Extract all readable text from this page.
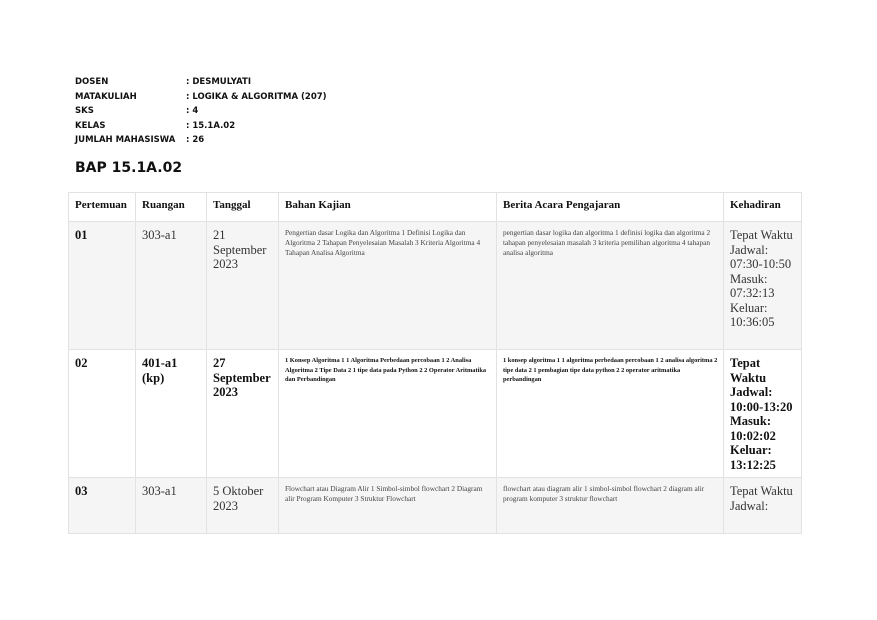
DOSEN	: DESMULYATI
MATAKULIAH	: LOGIKA & ALGORITMA (207)
SKS	: 4
KELAS	: 15.1A.02
JUMLAH MAHASISWA	: 26
BAP 15.1A.02
Pertemuan	Ruangan	Tanggal	Bahan Kajian	Berita Acara Pengajaran	Kehadiran
01	303-a1	21 September 2023	Pengertian dasar Logika dan Algoritma 1 Definisi Logika dan Algoritma 2 Tahapan Penyelesaian Masalah 3 Kriteria Algoritma 4 Tahapan Analisa Algoritma	pengertian dasar logika dan algoritma 1 definisi logika dan algoritma 2 tahapan penyelesaian masalah 3 kriteria pemilihan algoritma 4 tahapan analisa algoritma	Tepat Waktu Jadwal: 07:30-10:50 Masuk: 07:32:13 Keluar: 10:36:05
02	401-a1 (kp)	27 September 2023	1 Konsep Algoritma 1 1 Algoritma Perbedaan percobaan 1 2 Analisa Algoritma 2 Tipe Data 2 1 tipe data pada Python 2 2 Operator Aritmatika dan Perbandingan	1 konsep algoritma 1 1 algoritma perbedaan percobaan 1 2 analisa algoritma 2 tipe data 2 1 pembagian tipe data python 2 2 operator aritmatika perbandingan	Tepat Waktu Jadwal: 10:00-13:20 Masuk: 10:02:02 Keluar: 13:12:25
03	303-a1	5 Oktober 2023	Flowchart atau Diagram Alir 1 Simbol-simbol flowchart 2 Diagram alir Program Komputer 3 Struktur Flowchart	flowchart atau diagram alir 1 simbol-simbol flowchart 2 diagram alir program komputer 3 struktur flowchart	Tepat Waktu Jadwal:
